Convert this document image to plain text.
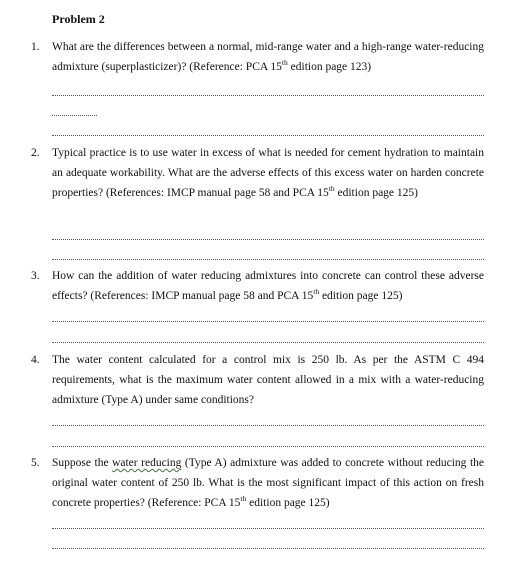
Problem 2
1. What are the differences between a normal, mid-range water and a high-range water-reducing admixture (superplasticizer)? (Reference: PCA 15th edition page 123)
2. Typical practice is to use water in excess of what is needed for cement hydration to maintain an adequate workability. What are the adverse effects of this excess water on harden concrete properties? (References: IMCP manual page 58 and PCA 15th edition page 125)
3. How can the addition of water reducing admixtures into concrete can control these adverse effects? (References: IMCP manual page 58 and PCA 15th edition page 125)
4. The water content calculated for a control mix is 250 lb. As per the ASTM C 494 requirements, what is the maximum water content allowed in a mix with a water-reducing admixture (Type A) under same conditions?
5. Suppose the water reducing (Type A) admixture was added to concrete without reducing the original water content of 250 lb. What is the most significant impact of this action on fresh concrete properties? (Reference: PCA 15th edition page 125)
